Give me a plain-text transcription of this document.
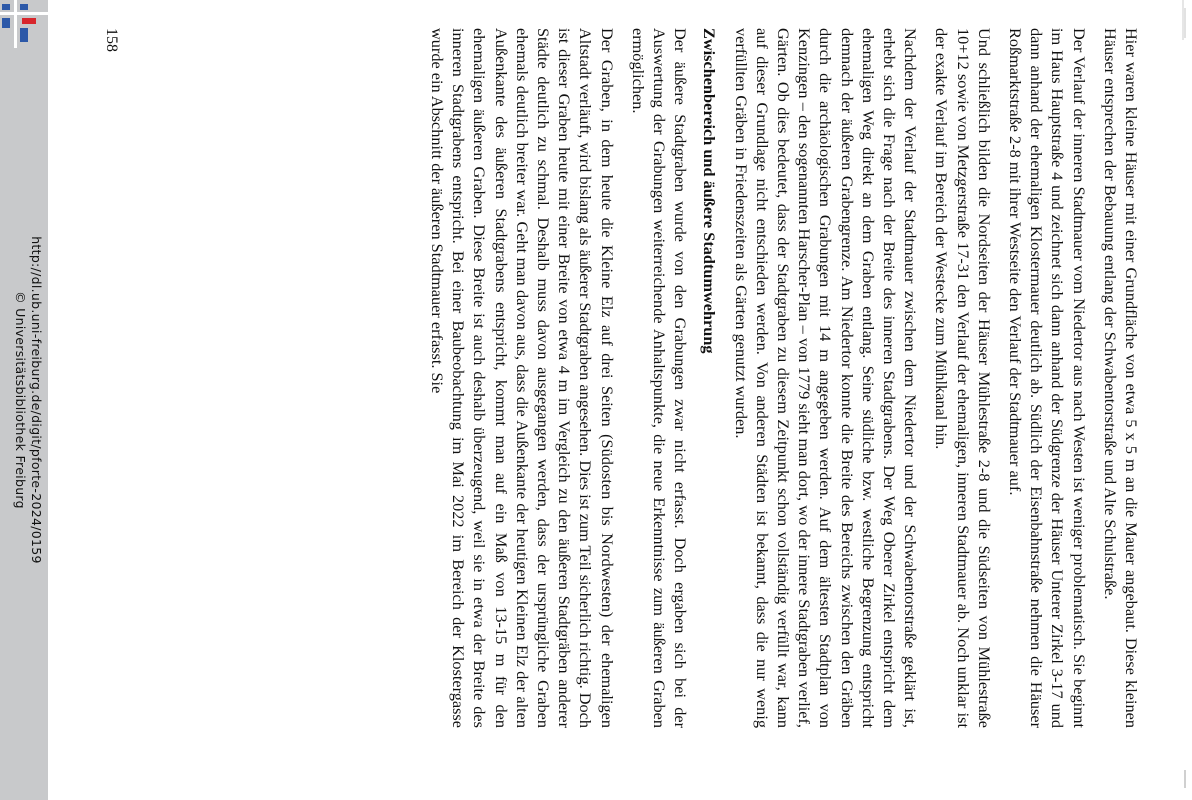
http://dl.ub.uni-freiburg.de/digit/pforte-2024/0159
© Universitätsbibliothek Freiburg	Hier waren kleine Häuser mit einer Grundfläche von etwa 5 x 5 m an die Mauer angebaut. Diese kleinen Häuser entsprechen der Bebauung entlang der Schwabentorstraße und Alte Schulstraße.

Der Verlauf der inneren Stadtmauer vom Niedertor aus nach Westen ist weniger problematisch. Sie beginnt im Haus Hauptstraße 4 und zeichnet sich dann anhand der Südgrenze der Häuser Unterer Zirkel 3-17 und dann anhand der ehemaligen Klostermauer deutlich ab. Südlich der Eisenbahnstraße nehmen die Häuser Roßmarktstraße 2-8 mit ihrer Westseite den Verlauf der Stadtmauer auf.

Und schließlich bilden die Nordseiten der Häuser Mühlestraße 2-8 und die Südseiten von Mühlestraße 10+12 sowie von Metzgerstraße 17-31 den Verlauf der ehemaligen, inneren Stadtmauer ab. Noch unklar ist der exakte Verlauf im Bereich der Westecke zum Mühlkanal hin.

Nachdem der Verlauf der Stadtmauer zwischen dem Niedertor und der Schwabentorstraße geklärt ist, erhebt sich die Frage nach der Breite des inneren Stadtgrabens. Der Weg Oberer Zirkel entspricht dem ehemaligen Weg direkt an dem Graben entlang. Seine südliche bzw. westliche Begrenzung entspricht demnach der äußeren Grabengrenze. Am Niedertor konnte die Breite des Bereichs zwischen den Gräben durch die archäologischen Grabungen mit 14 m angegeben werden. Auf dem ältesten Stadtplan von Kenzingen – den sogenannten Harscher-Plan – von 1779 sieht man dort, wo der innere Stadtgraben verlief, Gärten. Ob dies bedeutet, dass der Stadtgraben zu diesem Zeitpunkt schon vollständig verfüllt war, kann auf dieser Grundlage nicht entschieden werden. Von anderen Städten ist bekannt, dass die nur wenig verfüllten Gräben in Friedenszeiten als Gärten genutzt wurden.

Zwischenbereich und äußere Stadtumwehrung

Der äußere Stadtgraben wurde von den Grabungen zwar nicht erfasst. Doch ergaben sich bei der Auswertung der Grabungen weiterreichende Anhaltspunkte, die neue Erkenntnisse zum äußeren Graben ermöglichen.

Der Graben, in dem heute die Kleine Elz auf drei Seiten (Südosten bis Nordwesten) der ehemaligen Altstadt verläuft, wird bislang als äußerer Stadtgraben angesehen. Dies ist zum Teil sicherlich richtig. Doch ist dieser Graben heute mit einer Breite von etwa 4 m im Vergleich zu den äußeren Stadtgräben anderer Städte deutlich zu schmal. Deshalb muss davon ausgegangen werden, dass der ursprüngliche Graben ehemals deutlich breiter war. Geht man davon aus, dass die Außenkante der heutigen Kleinen Elz der alten Außenkante des äußeren Stadtgrabens entspricht, kommt man auf ein Maß von 13-15 m für den ehemaligen äußeren Graben. Diese Breite ist auch deshalb überzeugend, weil sie in etwa der Breite des inneren Stadtgrabens entspricht. Bei einer Baubeobachtung im Mai 2022 im Bereich der Klostergasse wurde ein Abschnitt der äußeren Stadtmauer erfasst. Sie

158
